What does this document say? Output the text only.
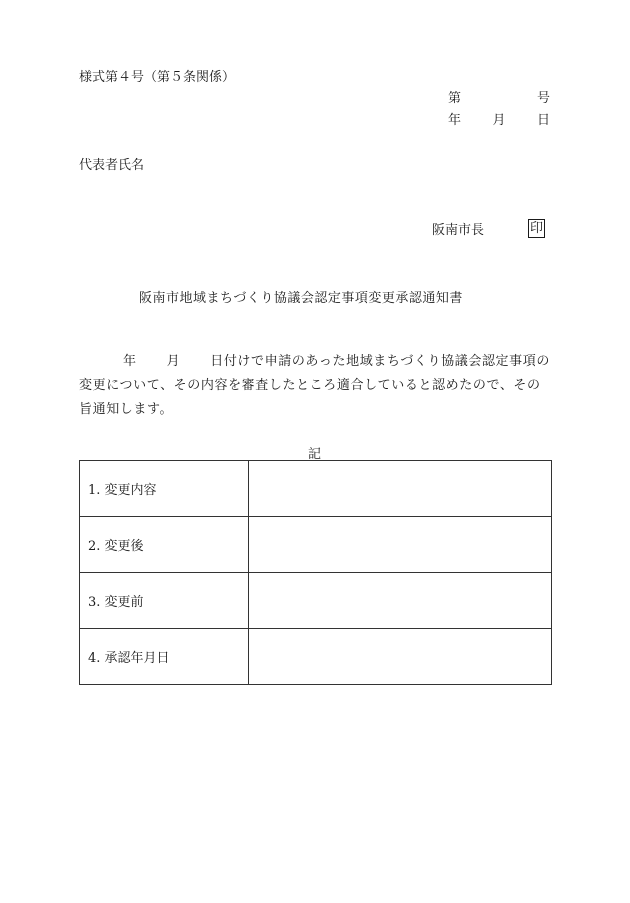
様式第４号（第５条関係）
第	号
年 月 日
代表者氏名
阪南市長	印
阪南市地域まちづくり協議会認定事項変更承認通知書
年 月 日付けで申請のあった地域まちづくり協議会認定事項の変更について、その内容を審査したところ適合していると認めたので、その旨通知します。
記
1. 変更内容	
2. 変更後	
3. 変更前	
4. 承認年月日	
